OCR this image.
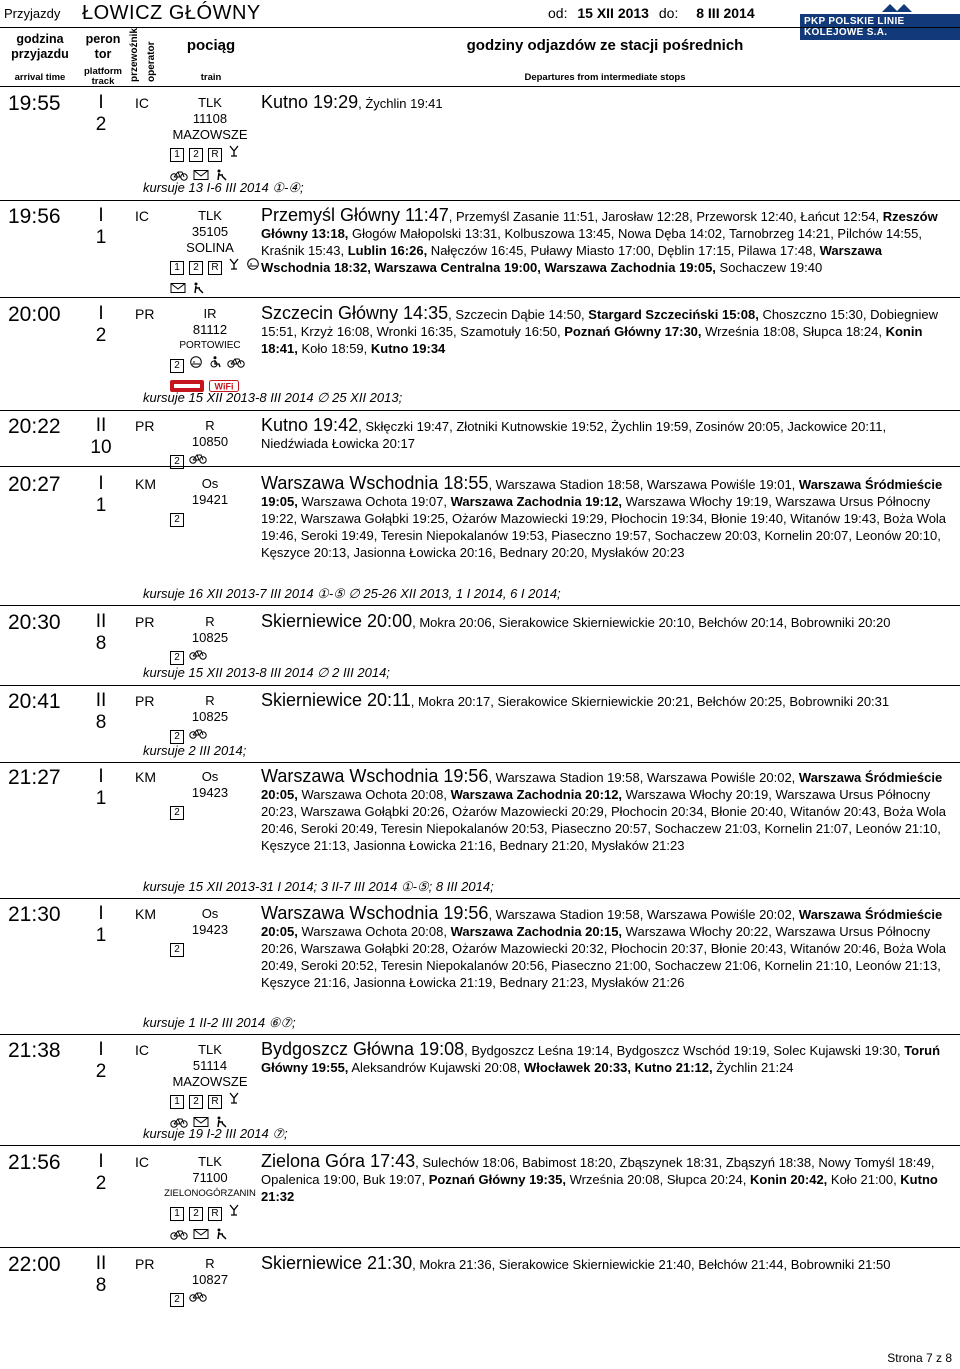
Przyjazdy ŁOWICZ GŁÓWNY	od: 15 XII 2013 do: 8 III 2014
PKP POLSKIE LINIE KOLEJOWE S.A.
godzina przyjazdu
arrival time
peron tor
platform track	przewoźnik operator	pociąg
train
godziny odjazdów ze stacji pośrednich
Departures from intermediate stops
19:55	I
2
IC	TLK
11108
MAZOWSZE
1	2	R
Kutno 19:29, Żychlin 19:41
kursuje 13 I-6 III 2014 ①-④;
19:56	I
1
IC	TLK
35105
SOLINA
1	2	R
Przemyśl Główny 11:47, Przemyśl Zasanie 11:51, Jarosław 12:28, Przeworsk 12:40, Łańcut 12:54, Rzeszów Główny 13:18, Głogów Małopolski 13:31, Kolbuszowa 13:45, Nowa Dęba 14:02, Tarnobrzeg 14:21, Pilchów 14:55, Kraśnik 15:43, Lublin 16:26, Nałęczów 16:45, Puławy Miasto 17:00, Dęblin 17:15, Pilawa 17:48, Warszawa Wschodnia 18:32, Warszawa Centralna 19:00, Warszawa Zachodnia 19:05, Sochaczew 19:40
20:00	I
2
PR	IR
81112
PORTOWIEC
2
WiFi
Szczecin Główny 14:35, Szczecin Dąbie 14:50, Stargard Szczeciński 15:08, Choszczno 15:30, Dobiegniew 15:51, Krzyż 16:08, Wronki 16:35, Szamotuły 16:50, Poznań Główny 17:30, Września 18:08, Słupca 18:24, Konin 18:41, Koło 18:59, Kutno 19:34
kursuje 15 XII 2013-8 III 2014 ∅ 25 XII 2013;
20:22	II
10
PR	R
10850
2
Kutno 19:42, Skłęczki 19:47, Złotniki Kutnowskie 19:52, Żychlin 19:59, Zosinów 20:05, Jackowice 20:11, Niedźwiada Łowicka 20:17
20:27	I
1
KM	Os
19421
2
Warszawa Wschodnia 18:55, Warszawa Stadion 18:58, Warszawa Powiśle 19:01, Warszawa Śródmieście 19:05, Warszawa Ochota 19:07, Warszawa Zachodnia 19:12, Warszawa Włochy 19:19, Warszawa Ursus Północny 19:22, Warszawa Gołąbki 19:25, Ożarów Mazowiecki 19:29, Płochocin 19:34, Błonie 19:40, Witanów 19:43, Boża Wola 19:46, Seroki 19:49, Teresin Niepokalanów 19:53, Piaseczno 19:57, Sochaczew 20:03, Kornelin 20:07, Leonów 20:10, Kęszyce 20:13, Jasionna Łowicka 20:16, Bednary 20:20, Mysłaków 20:23
kursuje 16 XII 2013-7 III 2014 ①-⑤ ∅ 25-26 XII 2013, 1 I 2014, 6 I 2014;
20:30	II
8
PR	R
10825
2
Skierniewice 20:00, Mokra 20:06, Sierakowice Skierniewickie 20:10, Bełchów 20:14, Bobrowniki 20:20
kursuje 15 XII 2013-8 III 2014 ∅ 2 III 2014;
20:41	II
8
PR	R
10825
2
Skierniewice 20:11, Mokra 20:17, Sierakowice Skierniewickie 20:21, Bełchów 20:25, Bobrowniki 20:31
kursuje 2 III 2014;
21:27	I
1
KM	Os
19423
2
Warszawa Wschodnia 19:56, Warszawa Stadion 19:58, Warszawa Powiśle 20:02, Warszawa Śródmieście 20:05, Warszawa Ochota 20:08, Warszawa Zachodnia 20:12, Warszawa Włochy 20:19, Warszawa Ursus Północny 20:23, Warszawa Gołąbki 20:26, Ożarów Mazowiecki 20:29, Płochocin 20:34, Błonie 20:40, Witanów 20:43, Boża Wola 20:46, Seroki 20:49, Teresin Niepokalanów 20:53, Piaseczno 20:57, Sochaczew 21:03, Kornelin 21:07, Leonów 21:10, Kęszyce 21:13, Jasionna Łowicka 21:16, Bednary 21:20, Mysłaków 21:23
kursuje 15 XII 2013-31 I 2014; 3 II-7 III 2014 ①-⑤; 8 III 2014;
21:30	I
1
KM	Os
19423
2
Warszawa Wschodnia 19:56, Warszawa Stadion 19:58, Warszawa Powiśle 20:02, Warszawa Śródmieście 20:05, Warszawa Ochota 20:08, Warszawa Zachodnia 20:15, Warszawa Włochy 20:22, Warszawa Ursus Północny 20:26, Warszawa Gołąbki 20:28, Ożarów Mazowiecki 20:32, Płochocin 20:37, Błonie 20:43, Witanów 20:46, Boża Wola 20:49, Seroki 20:52, Teresin Niepokalanów 20:56, Piaseczno 21:00, Sochaczew 21:06, Kornelin 21:10, Leonów 21:13, Kęszyce 21:16, Jasionna Łowicka 21:19, Bednary 21:23, Mysłaków 21:26
kursuje 1 II-2 III 2014 ⑥⑦;
21:38	I
2
IC	TLK
51114
MAZOWSZE
1	2	R
Bydgoszcz Główna 19:08, Bydgoszcz Leśna 19:14, Bydgoszcz Wschód 19:19, Solec Kujawski 19:30, Toruń Główny 19:55, Aleksandrów Kujawski 20:08, Włocławek 20:33, Kutno 21:12, Żychlin 21:24
kursuje 19 I-2 III 2014 ⑦;
21:56	I
2
IC	TLK
71100
ZIELONOGÓRZANIN
1	2	R
Zielona Góra 17:43, Sulechów 18:06, Babimost 18:20, Zbąszynek 18:31, Zbąszyń 18:38, Nowy Tomyśl 18:49, Opalenica 19:00, Buk 19:07, Poznań Główny 19:35, Września 20:08, Słupca 20:24, Konin 20:42, Koło 21:00, Kutno 21:32
22:00	II
8
PR	R
10827
2
Skierniewice 21:30, Mokra 21:36, Sierakowice Skierniewickie 21:40, Bełchów 21:44, Bobrowniki 21:50
Strona 7 z 8
